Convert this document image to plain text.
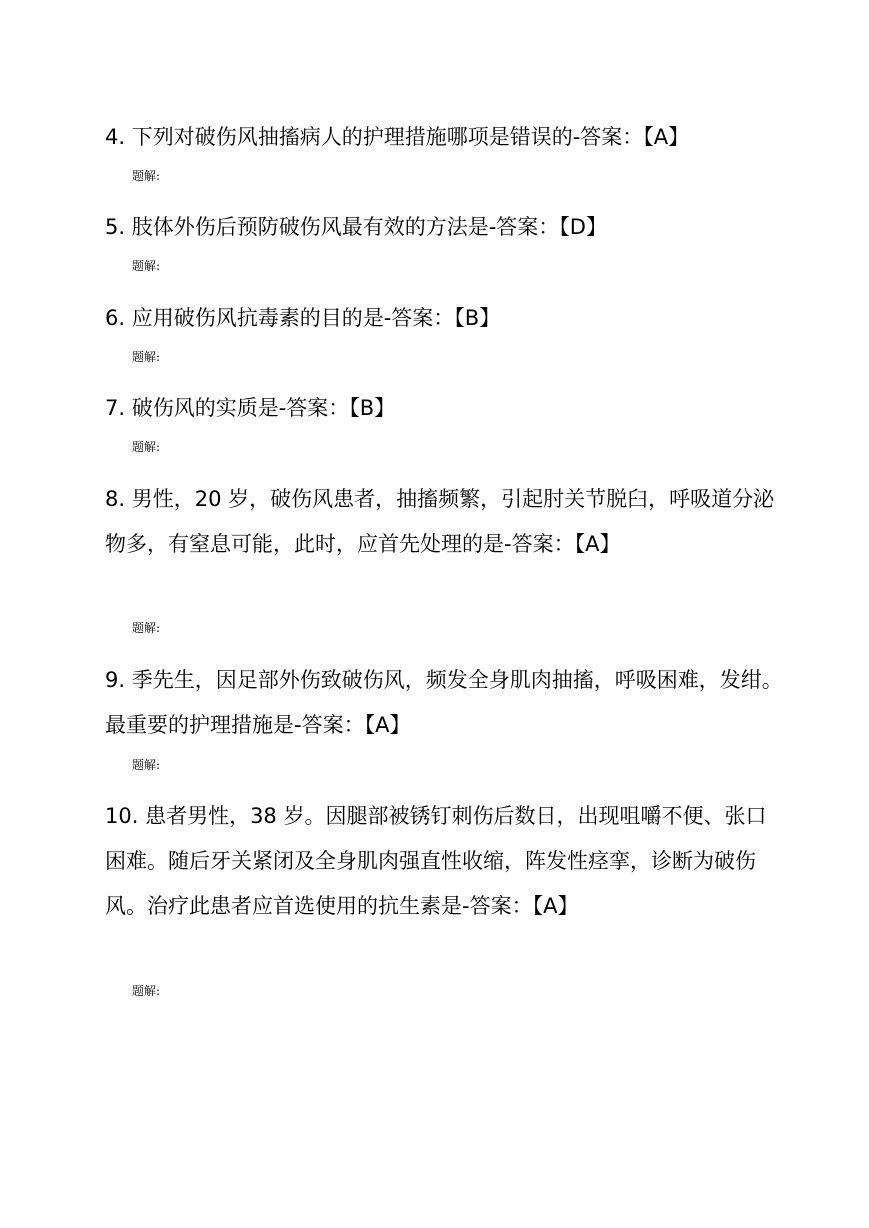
4. 下列对破伤风抽搐病人的护理措施哪项是错误的-答案：【A】

题解:

5. 肢体外伤后预防破伤风最有效的方法是-答案：【D】

题解:

6. 应用破伤风抗毒素的目的是-答案：【B】

题解:

7. 破伤风的实质是-答案：【B】

题解:

8. 男性，20 岁，破伤风患者，抽搐频繁，引起肘关节脱臼，呼吸道分泌物多，有窒息可能，此时，应首先处理的是-答案：【A】

题解:

9. 季先生，因足部外伤致破伤风，频发全身肌肉抽搐，呼吸困难，发绀。最重要的护理措施是-答案：【A】

题解:

10. 患者男性，38 岁。因腿部被锈钉刺伤后数日，出现咀嚼不便、张口困难。随后牙关紧闭及全身肌肉强直性收缩，阵发性痉挛，诊断为破伤风。治疗此患者应首选使用的抗生素是-答案：【A】

题解:
